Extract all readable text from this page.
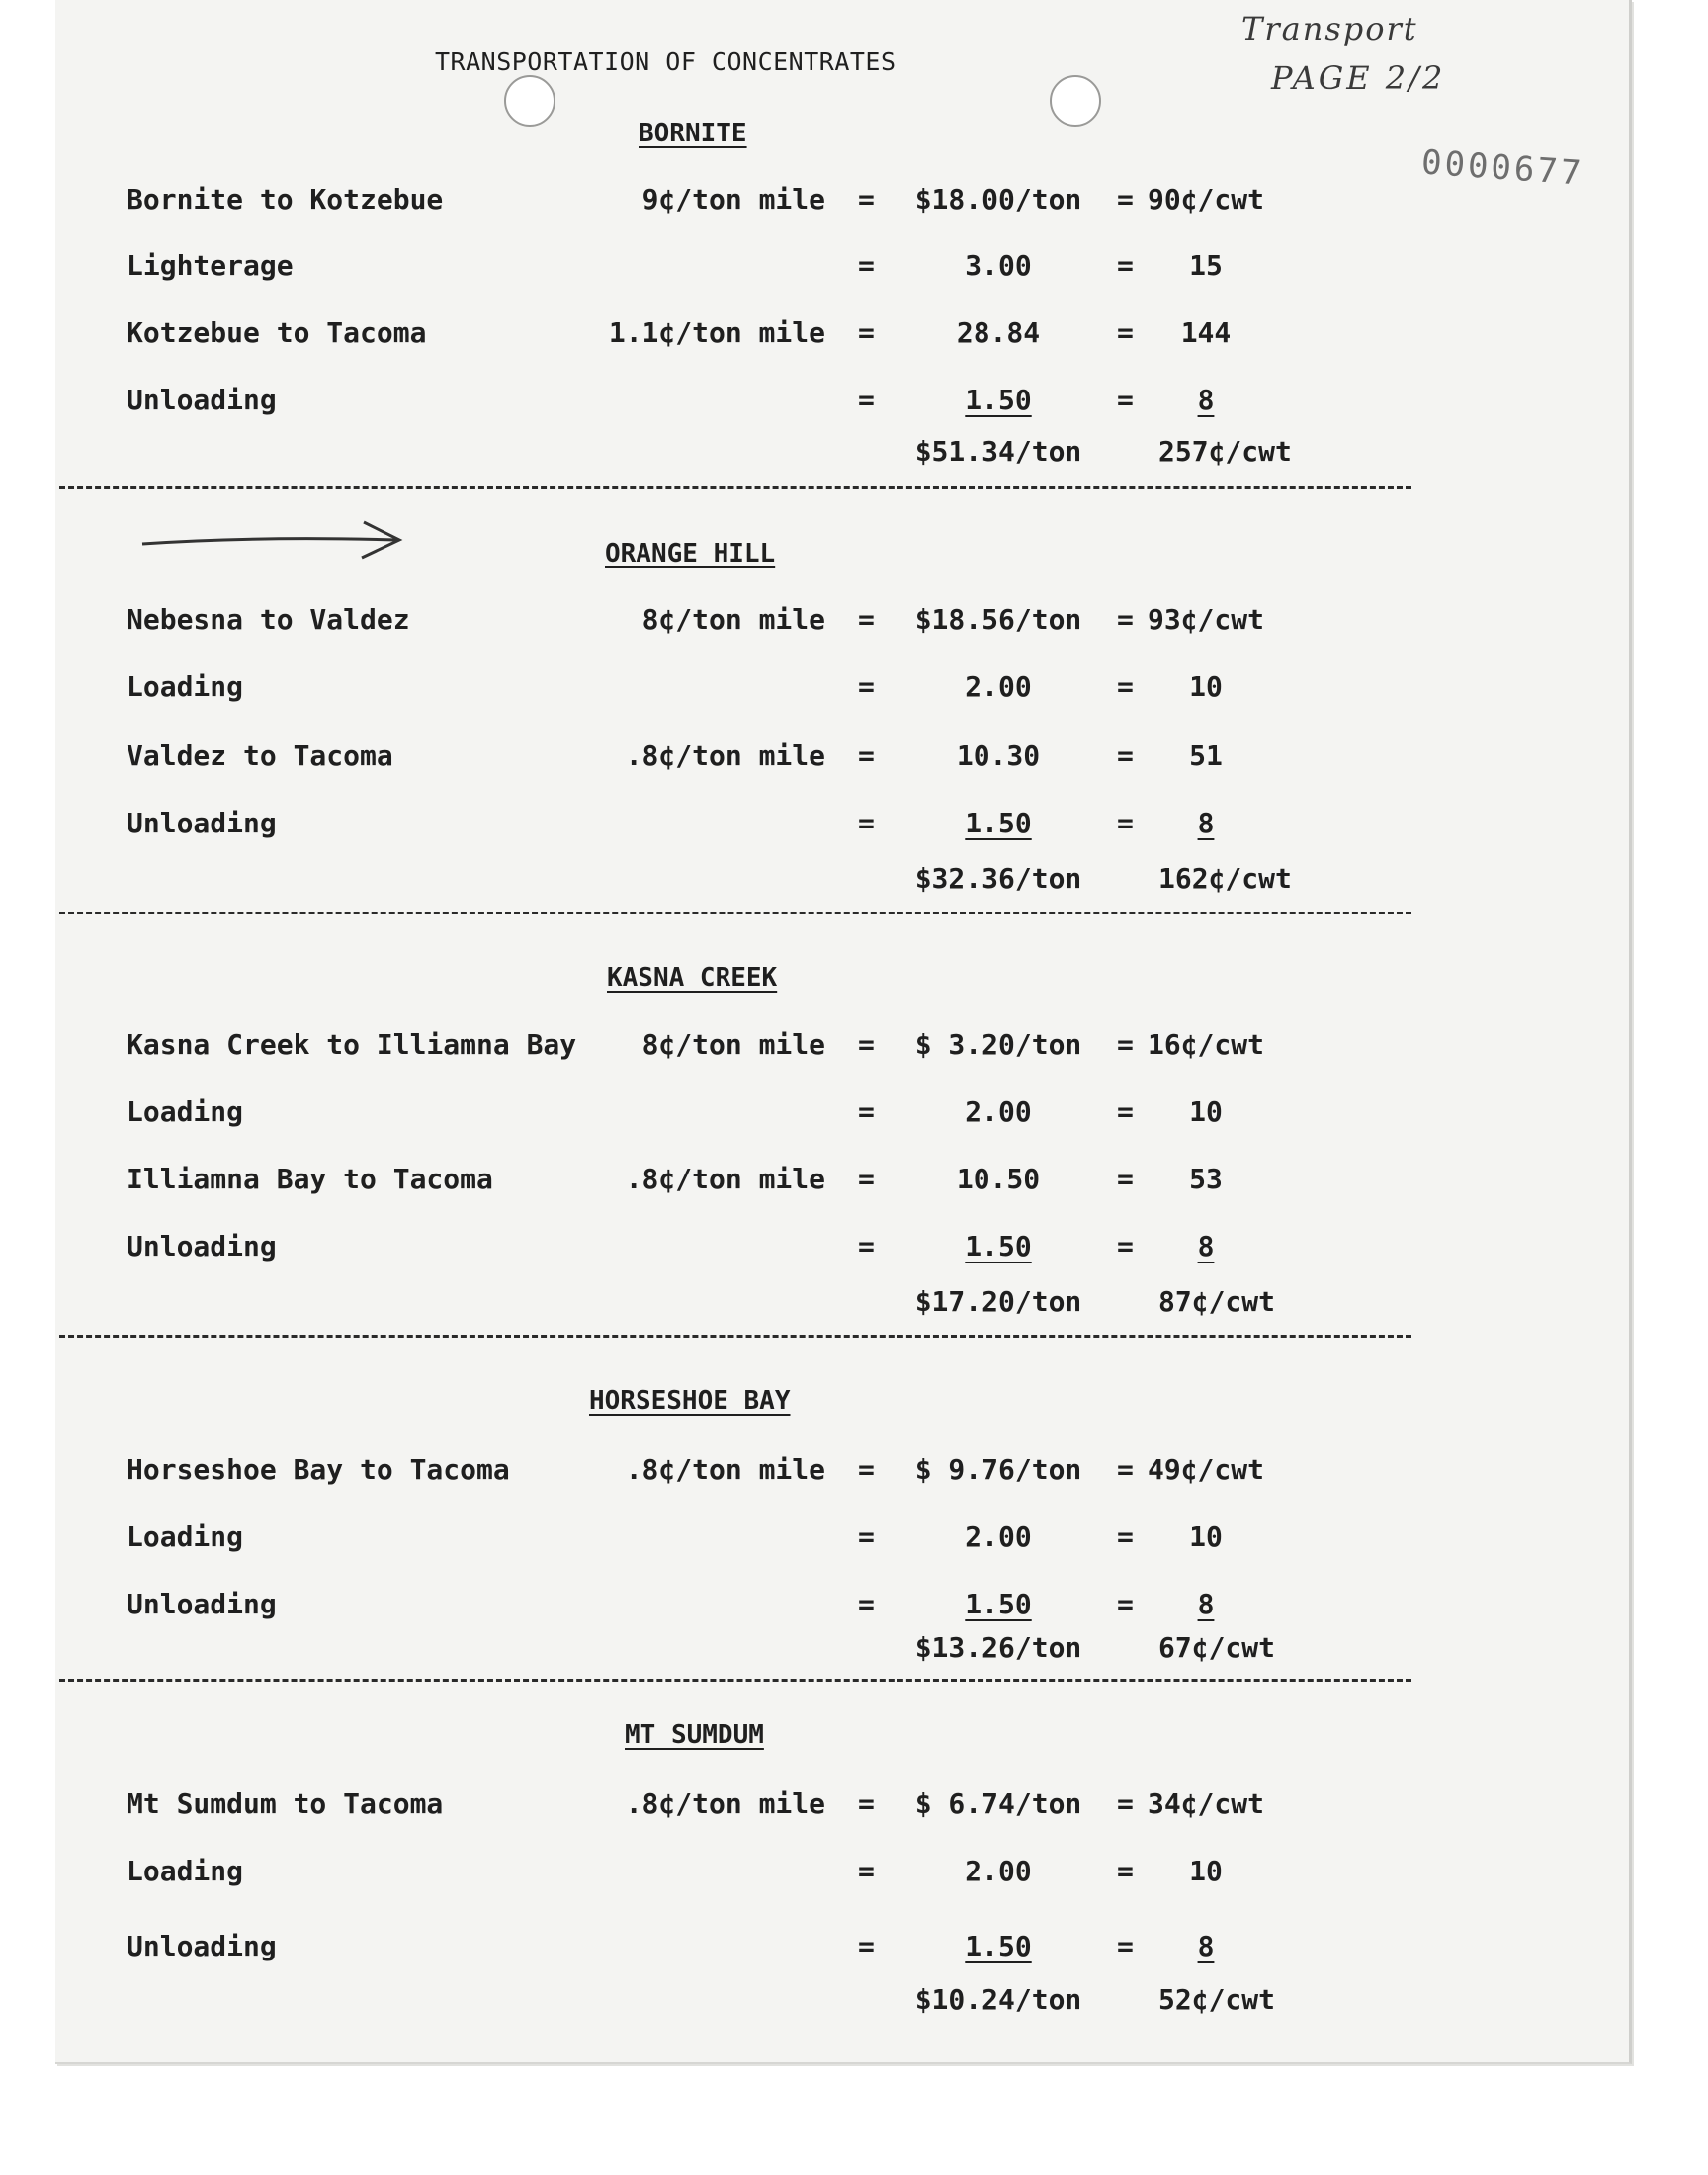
TRANSPORTATION OF CONCENTRATES
Transport
PAGE 2/2
0000677
BORNITE
Bornite to Kotzebue	9¢/ton mile = $18.00/ton = 90¢/cwt
Lighterage	=	3.00	=	15
Kotzebue to Tacoma	1.1¢/ton mile =	28.84	=	144
Unloading	=	1.50	=	8
$51.34/ton	257¢/cwt
ORANGE HILL
Nebesna to Valdez	8¢/ton mile = $18.56/ton = 93¢/cwt
Loading	=	2.00	=	10
Valdez to Tacoma	.8¢/ton mile =	10.30	=	51
Unloading	=	1.50	=	8
$32.36/ton	162¢/cwt
KASNA CREEK
Kasna Creek to Illiamna Bay 8¢/ton mile = $ 3.20/ton = 16¢/cwt
Loading	=	2.00	=	10
Illiamna Bay to Tacoma	.8¢/ton mile =	10.50	=	53
Unloading	=	1.50	=	8
$17.20/ton	87¢/cwt
HORSESHOE BAY
Horseshoe Bay to Tacoma	.8¢/ton mile = $ 9.76/ton = 49¢/cwt
Loading	=	2.00	=	10
Unloading	=	1.50	=	8
$13.26/ton	67¢/cwt
MT SUMDUM
Mt Sumdum to Tacoma	.8¢/ton mile = $ 6.74/ton = 34¢/cwt
Loading	=	2.00	=	10
Unloading	=	1.50	=	8
$10.24/ton	52¢/cwt
